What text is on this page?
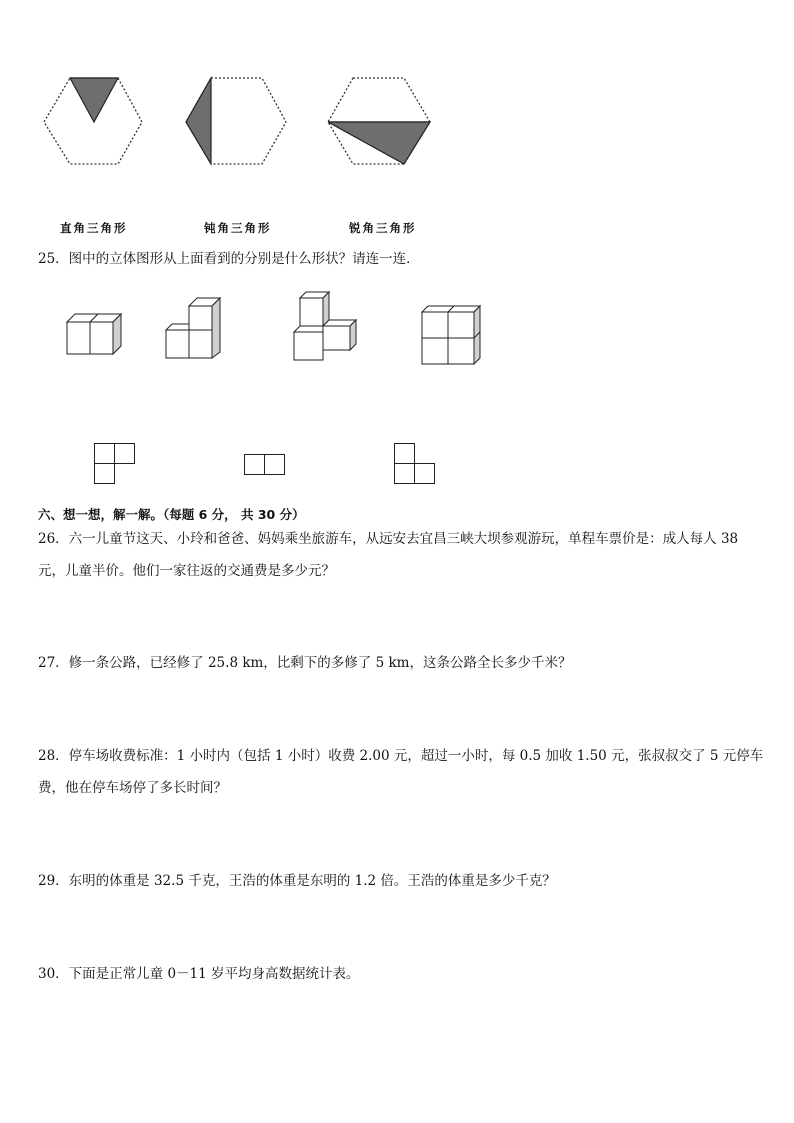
直角三角形	钝角三角形	锐角三角形
25．图中的立体图形从上面看到的分别是什么形状？请连一连．
六、想一想，解一解。（每题 6 分， 共 30 分）
26．六一儿童节这天、小玲和爸爸、妈妈乘坐旅游车，从远安去宜昌三峡大坝参观游玩，单程车票价是：成人每人 38
元，儿童半价。他们一家往返的交通费是多少元？
27．修一条公路，已经修了 25.8 km，比剩下的多修了 5 km，这条公路全长多少千米？
28．停车场收费标准：1 小时内（包括 1 小时）收费 2.00 元，超过一小时，每 0.5 加收 1.50 元，张叔叔交了 5 元停车
费，他在停车场停了多长时间？
29．东明的体重是 32.5 千克，王浩的体重是东明的 1.2 倍。王浩的体重是多少千克？
30．下面是正常儿童 0－11 岁平均身高数据统计表。
